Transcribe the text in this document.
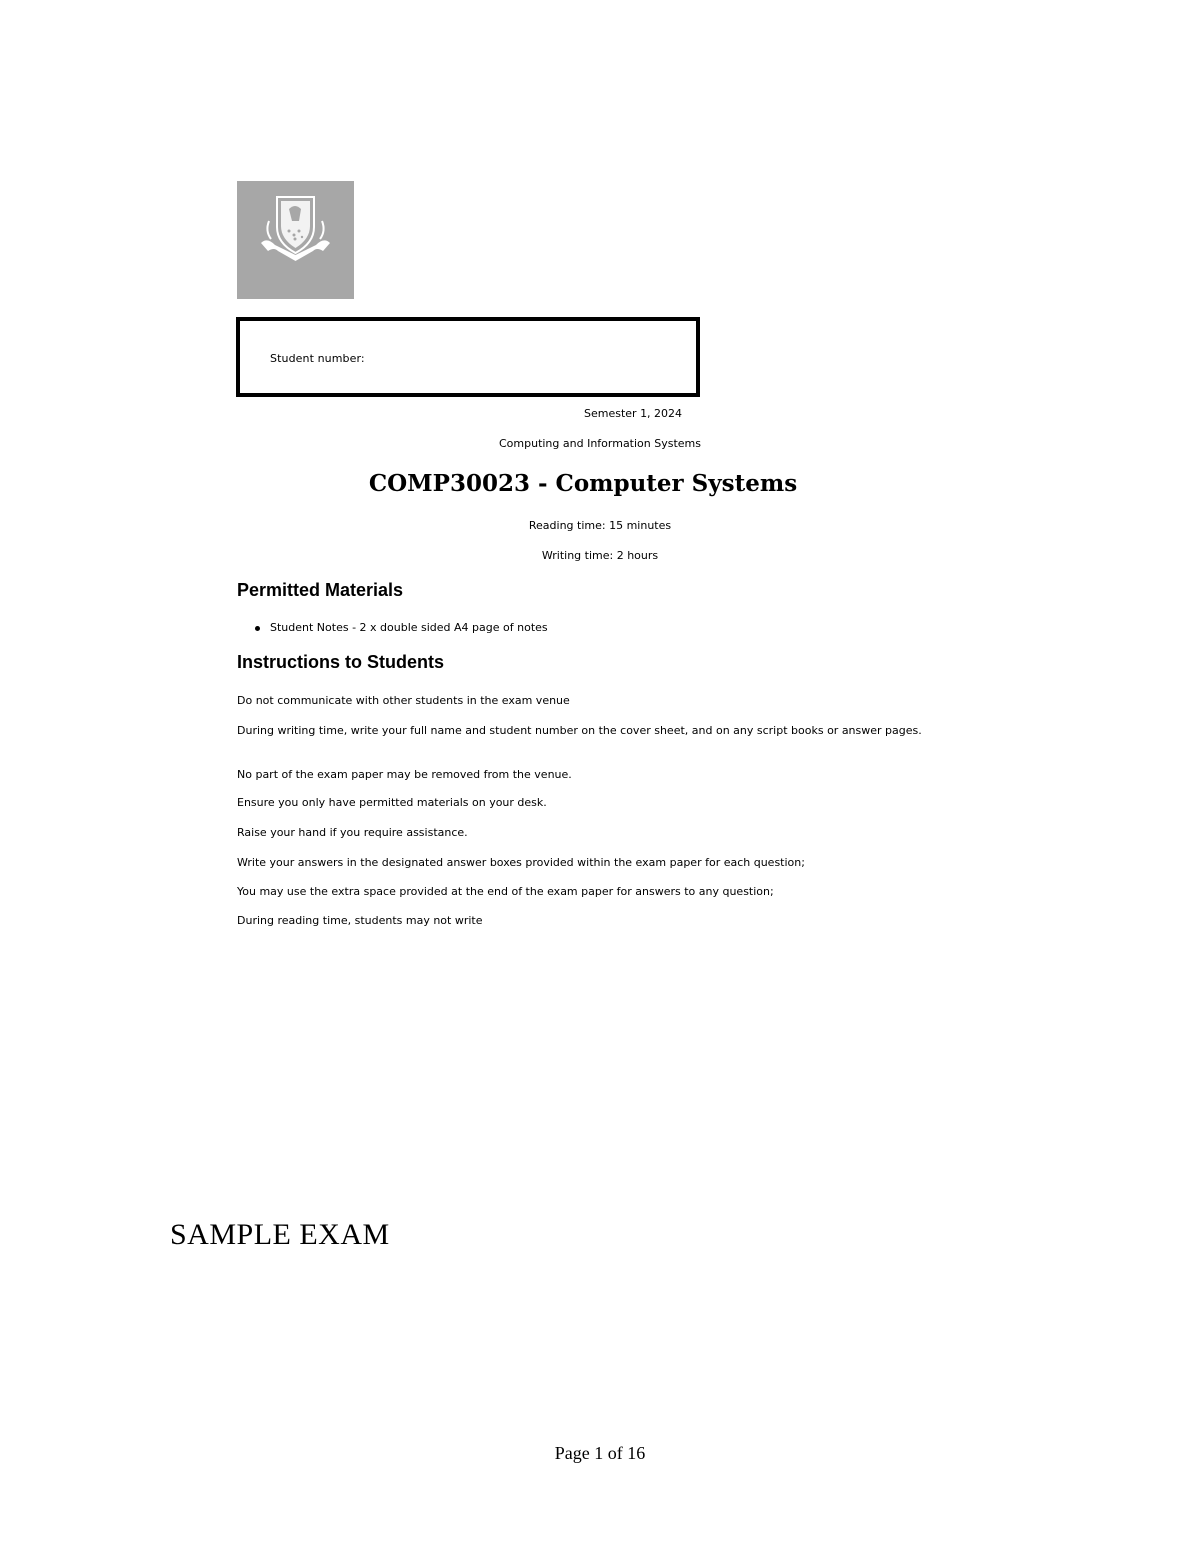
THE UNIVERSITY OF
MELBOURNE
Student number:
Semester 1, 2024
Computing and Information Systems
COMP30023 - Computer Systems
Reading time: 15 minutes
Writing time: 2 hours
Permitted Materials
Student Notes - 2 x double sided A4 page of notes
Instructions to Students
Do not communicate with other students in the exam venue
During writing time, write your full name and student number on the cover sheet, and on any script books or answer pages.
No part of the exam paper may be removed from the venue.
Ensure you only have permitted materials on your desk.
Raise your hand if you require assistance.
Write your answers in the designated answer boxes provided within the exam paper for each question;
You may use the extra space provided at the end of the exam paper for answers to any question;
During reading time, students may not write
SAMPLE EXAM
Page 1 of 16
